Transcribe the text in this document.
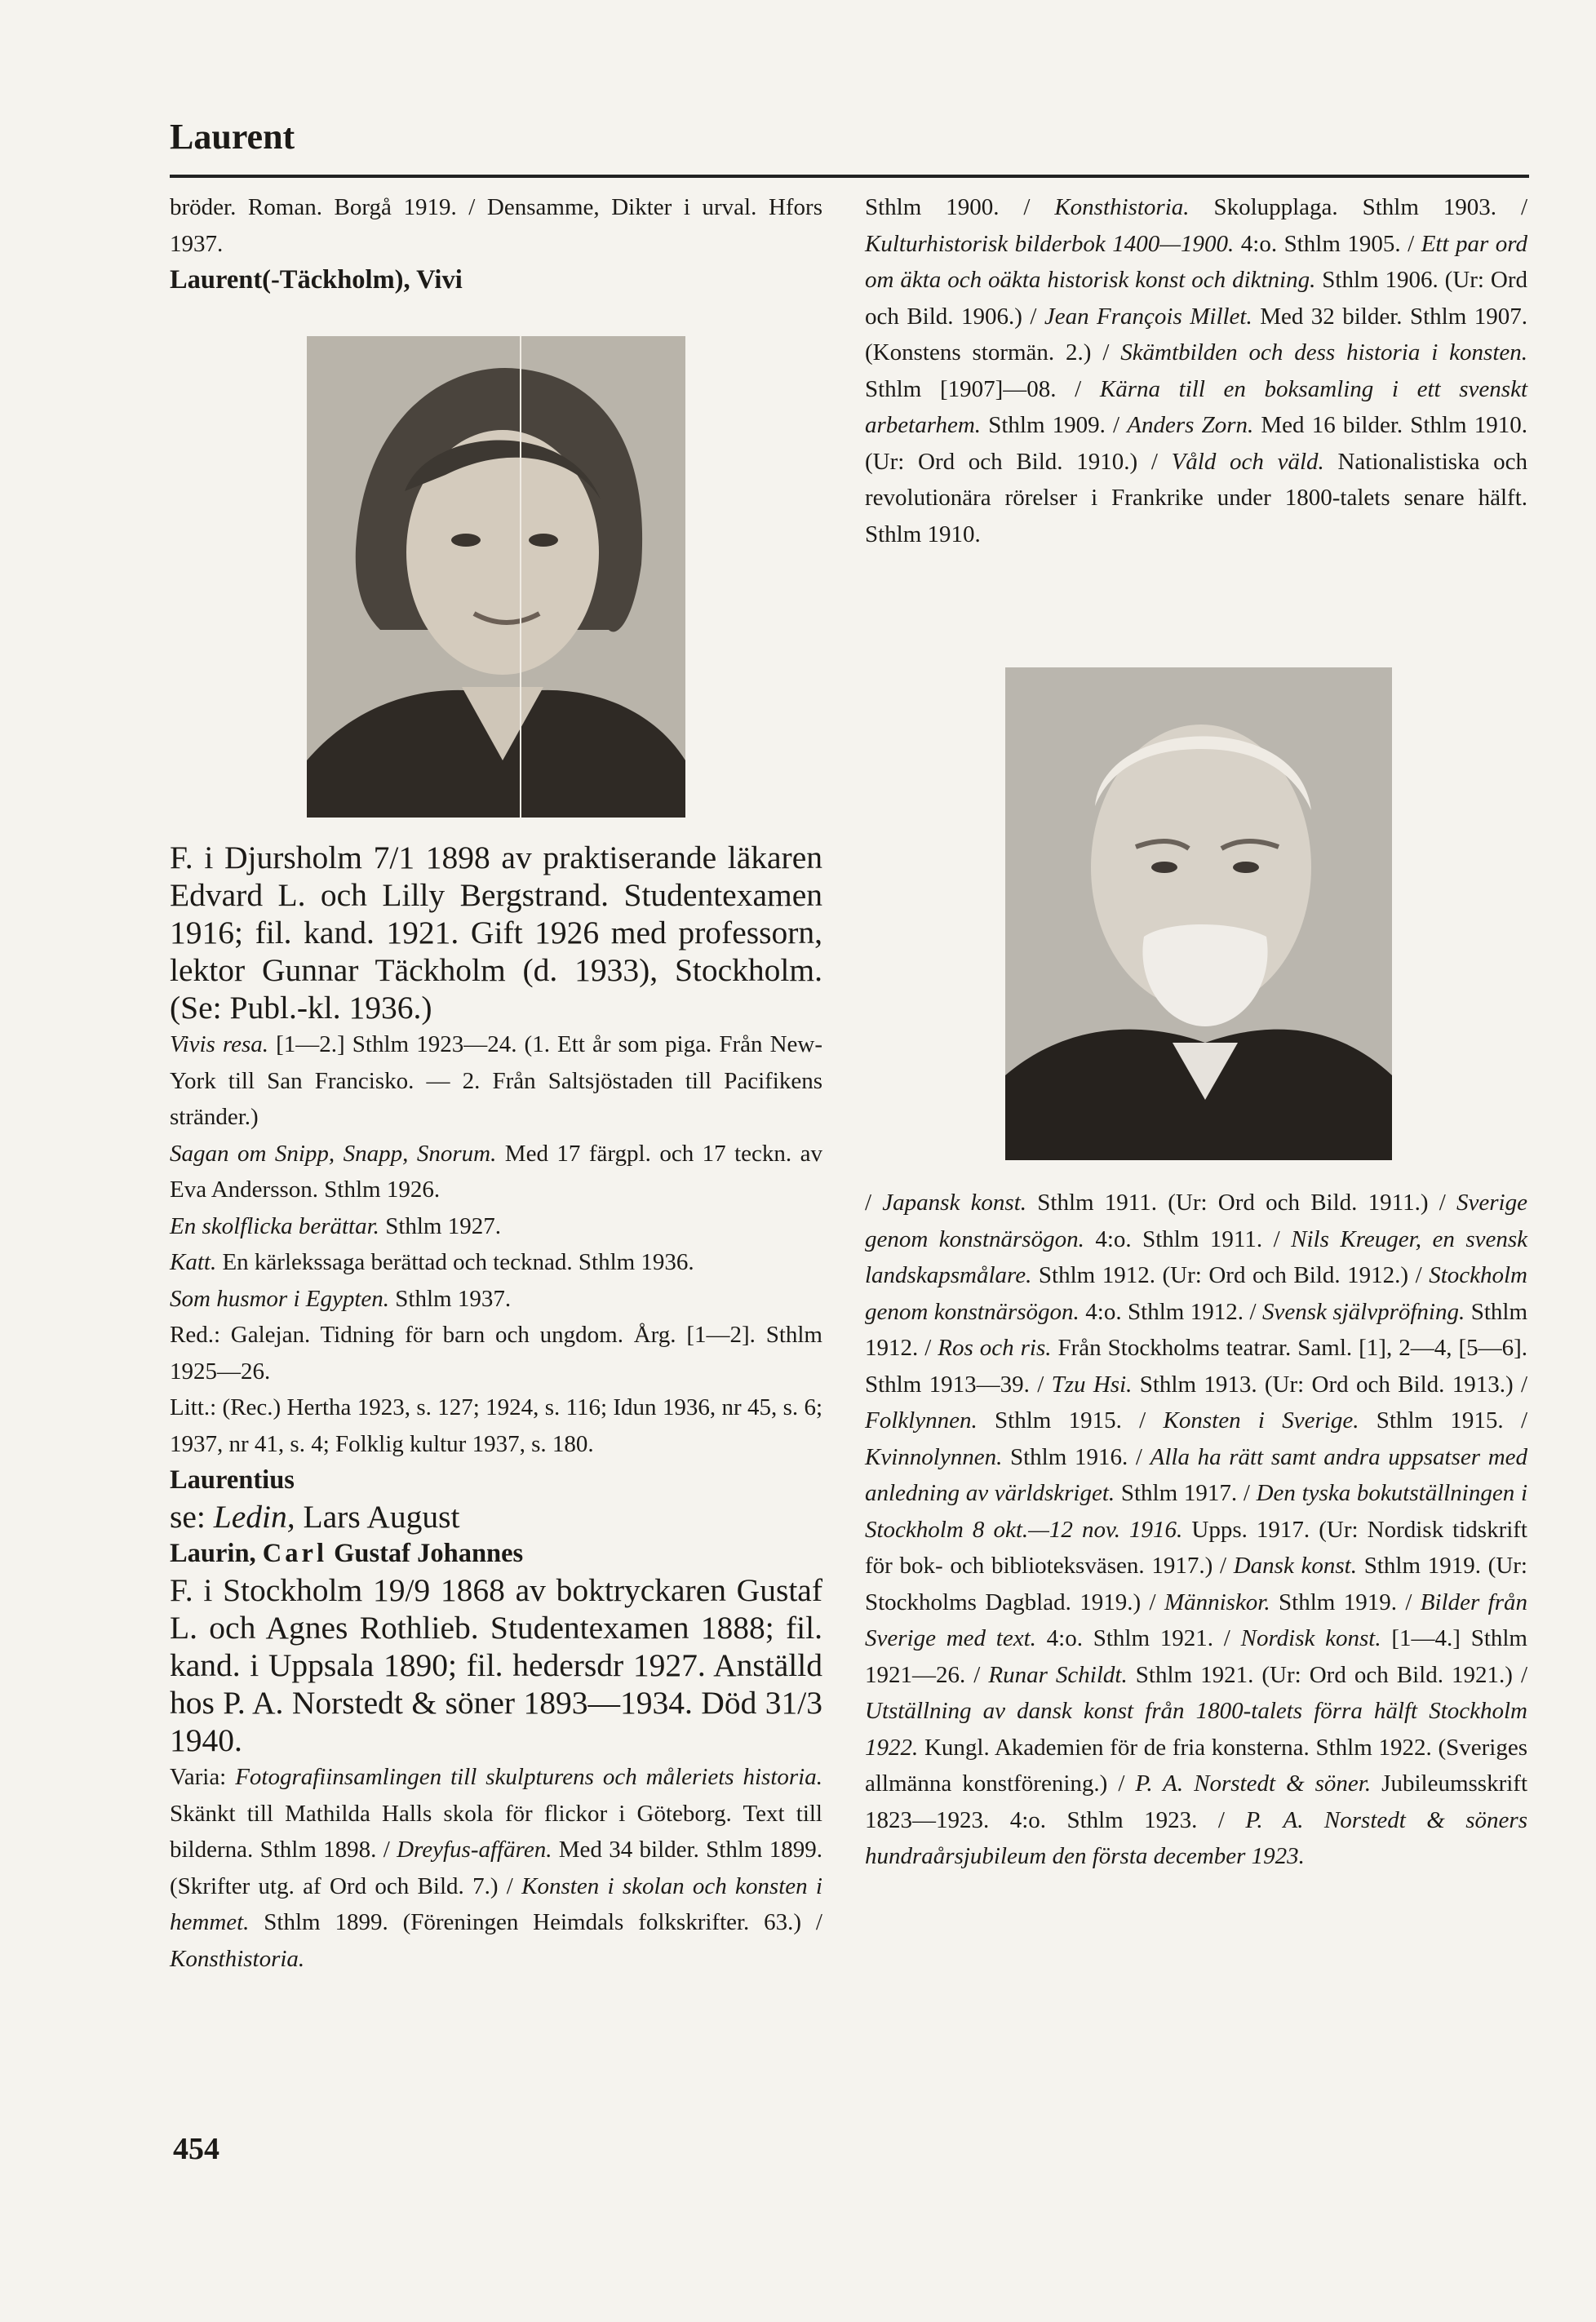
Laurent

bröder. Roman. Borgå 1919. / Densamme, Dikter i urval. Hfors 1937.

Laurent(-Täckholm), Vivi

F. i Djursholm 7/1 1898 av praktiserande läkaren Edvard L. och Lilly Bergstrand. Studentexamen 1916; fil. kand. 1921. Gift 1926 med professorn, lektor Gunnar Täckholm (d. 1933), Stockholm. (Se: Publ.-kl. 1936.)

Vivis resa. [1—2.] Sthlm 1923—24. (1. Ett år som piga. Från New-York till San Francisko. — 2. Från Saltsjöstaden till Pacifikens stränder.)

Sagan om Snipp, Snapp, Snorum. Med 17 färgpl. och 17 teckn. av Eva Andersson. Sthlm 1926.

En skolflicka berättar. Sthlm 1927.

Katt. En kärlekssaga berättad och tecknad. Sthlm 1936.

Som husmor i Egypten. Sthlm 1937.

Red.: Galejan. Tidning för barn och ungdom. Årg. [1—2]. Sthlm 1925—26.

Litt.: (Rec.) Hertha 1923, s. 127; 1924, s. 116; Idun 1936, nr 45, s. 6; 1937, nr 41, s. 4; Folklig kultur 1937, s. 180.

Laurentius

se: Ledin, Lars August

Laurin, Carl Gustaf Johannes

F. i Stockholm 19/9 1868 av boktryckaren Gustaf L. och Agnes Rothlieb. Studentexamen 1888; fil. kand. i Uppsala 1890; fil. hedersdr 1927. Anställd hos P. A. Norstedt & söner 1893—1934. Död 31/3 1940.

Varia: Fotografiinsamlingen till skulpturens och måleriets historia. Skänkt till Mathilda Halls skola för flickor i Göteborg. Text till bilderna. Sthlm 1898. / Dreyfus-affären. Med 34 bilder. Sthlm 1899. (Skrifter utg. af Ord och Bild. 7.) / Konsten i skolan och konsten i hemmet. Sthlm 1899. (Föreningen Heimdals folkskrifter. 63.) / Konsthistoria.

Sthlm 1900. / Konsthistoria. Skolupplaga. Sthlm 1903. / Kulturhistorisk bilderbok 1400—1900. 4:o. Sthlm 1905. / Ett par ord om äkta och oäkta historisk konst och diktning. Sthlm 1906. (Ur: Ord och Bild. 1906.) / Jean François Millet. Med 32 bilder. Sthlm 1907. (Konstens stormän. 2.) / Skämtbilden och dess historia i konsten. Sthlm [1907]—08. / Kärna till en boksamling i ett svenskt arbetarhem. Sthlm 1909. / Anders Zorn. Med 16 bilder. Sthlm 1910. (Ur: Ord och Bild. 1910.) / Våld och väld. Nationalistiska och revolutionära rörelser i Frankrike under 1800-talets senare hälft. Sthlm 1910.

/ Japansk konst. Sthlm 1911. (Ur: Ord och Bild. 1911.) / Sverige genom konstnärsögon. 4:o. Sthlm 1911. / Nils Kreuger, en svensk landskapsmålare. Sthlm 1912. (Ur: Ord och Bild. 1912.) / Stockholm genom konstnärsögon. 4:o. Sthlm 1912. / Svensk självpröfning. Sthlm 1912. / Ros och ris. Från Stockholms teatrar. Saml. [1], 2—4, [5—6]. Sthlm 1913—39. / Tzu Hsi. Sthlm 1913. (Ur: Ord och Bild. 1913.) / Folklynnen. Sthlm 1915. / Konsten i Sverige. Sthlm 1915. / Kvinnolynnen. Sthlm 1916. / Alla ha rätt samt andra uppsatser med anledning av världskriget. Sthlm 1917. / Den tyska bokutställningen i Stockholm 8 okt.—12 nov. 1916. Upps. 1917. (Ur: Nordisk tidskrift för bok- och biblioteksväsen. 1917.) / Dansk konst. Sthlm 1919. (Ur: Stockholms Dagblad. 1919.) / Människor. Sthlm 1919. / Bilder från Sverige med text. 4:o. Sthlm 1921. / Nordisk konst. [1—4.] Sthlm 1921—26. / Runar Schildt. Sthlm 1921. (Ur: Ord och Bild. 1921.) / Utställning av dansk konst från 1800-talets förra hälft Stockholm 1922. Kungl. Akademien för de fria konsterna. Sthlm 1922. (Sveriges allmänna konstförening.) / P. A. Norstedt & söner. Jubileumsskrift 1823—1923. 4:o. Sthlm 1923. / P. A. Norstedt & söners hundraårsjubileum den första december 1923.

454
